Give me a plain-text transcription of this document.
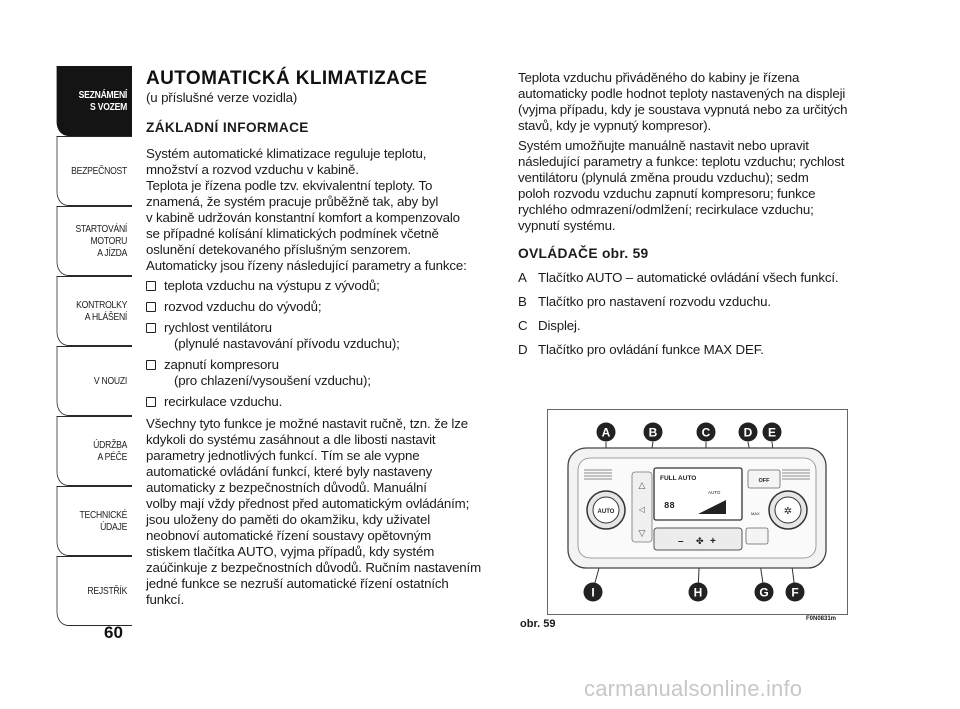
SEZNÁMENÍ
S VOZEM
BEZPEČNOST
STARTOVÁNÍ
MOTORU
A JÍZDA
KONTROLKY
A HLÁŠENÍ
V NOUZI
ÚDRŽBA
A PÉČE
TECHNICKÉ
ÚDAJE
REJSTŘÍK
60
AUTOMATICKÁ KLIMATIZACE
(u příslušné verze vozidla)
ZÁKLADNÍ INFORMACE
Systém automatické klimatizace reguluje teplotu,
množství a rozvod vzduchu v kabině.
Teplota je řízena podle tzv. ekvivalentní teploty. To
znamená, že systém pracuje průběžně tak, aby byl
v kabině udržován konstantní komfort a kompenzovalo
se případné kolísání klimatických podmínek včetně
oslunění detekovaného příslušným senzorem.
Automaticky jsou řízeny následující parametry a funkce:
teplota vzduchu na výstupu z vývodů;
rozvod vzduchu do vývodů;
rychlost ventilátoru
(plynulé nastavování přívodu vzduchu);
zapnutí kompresoru
(pro chlazení/vysoušení vzduchu);
recirkulace vzduchu.
Všechny tyto funkce je možné nastavit ručně, tzn. že lze
kdykoli do systému zasáhnout a dle libosti nastavit
parametry jednotlivých funkcí. Tím se ale vypne
automatické ovládání funkcí, které byly nastaveny
automaticky z bezpečnostních důvodů. Manuální
volby mají vždy přednost před automatickým ovládáním;
jsou uloženy do paměti do okamžiku, kdy uživatel
neobnoví automatické řízení soustavy opětovným
stiskem tlačítka AUTO, vyjma případů, kdy systém
zaúčinkuje z bezpečnostních důvodů. Ručním nastavením
jedné funkce se nezruší automatické řízení ostatních
funkcí.
Teplota vzduchu přiváděného do kabiny je řízena
automaticky podle hodnot teploty nastavených na displeji
(vyjma případu, kdy je soustava vypnutá nebo za určitých
stavů, kdy je vypnutý kompresor).
Systém umožňujte manuálně nastavit nebo upravit
následující parametry a funkce: teplotu vzduchu; rychlost
ventilátoru (plynulá změna proudu vzduchu); sedm
poloh rozvodu vzduchu zapnutí kompresoru; funkce
rychlého odmrazení/odmlžení; recirkulace vzduchu;
vypnutí systému.
OVLÁDAČE obr. 59
A Tlačítko AUTO – automatické ovládání všech funkcí.
B Tlačítko pro nastavení rozvodu vzduchu.
C Displej.
D Tlačítko pro ovládání funkce MAX DEF.
AUTO
△
◁
▽
FULL AUTO
AUTO
88
– ✤ +
OFF
MAX ✲
A	B	C	D E
I	H	G F
obr. 59	F0N0831m
carmanualsonline.info
